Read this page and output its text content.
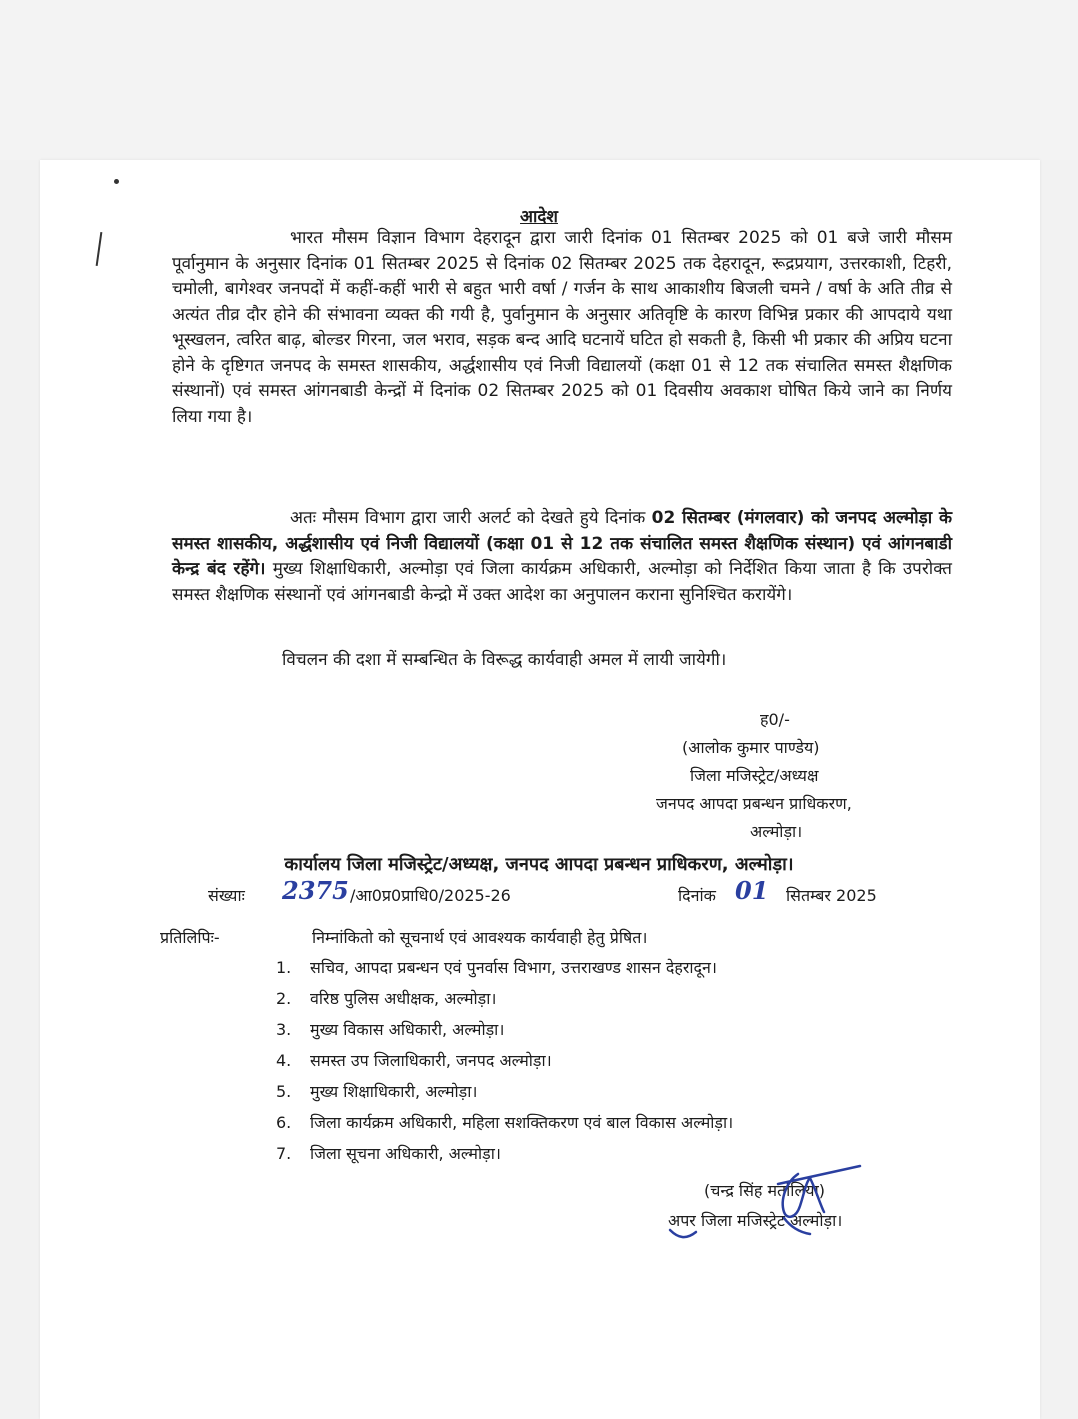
आदेश
भारत मौसम विज्ञान विभाग देहरादून द्वारा जारी दिनांक 01 सितम्बर 2025 को 01 बजे जारी मौसम पूर्वानुमान के अनुसार दिनांक 01 सितम्बर 2025 से दिनांक 02 सितम्बर 2025 तक देहरादून, रूद्रप्रयाग, उत्तरकाशी, टिहरी, चमोली, बागेश्वर जनपदों में कहीं-कहीं भारी से बहुत भारी वर्षा / गर्जन के साथ आकाशीय बिजली चमने / वर्षा के अति तीव्र से अत्यंत तीव्र दौर होने की संभावना व्यक्त की गयी है, पुर्वानुमान के अनुसार अतिवृष्टि के कारण विभिन्न प्रकार की आपदाये यथा भूस्खलन, त्वरित बाढ़, बोल्डर गिरना, जल भराव, सड़क बन्द आदि घटनायें घटित हो सकती है, किसी भी प्रकार की अप्रिय घटना होने के दृष्टिगत जनपद के समस्त शासकीय, अर्द्धशासीय एवं निजी विद्यालयों (कक्षा 01 से 12 तक संचालित समस्त शैक्षणिक संस्थानों) एवं समस्त आंगनबाडी केन्द्रों में दिनांक 02 सितम्बर 2025 को 01 दिवसीय अवकाश घोषित किये जाने का निर्णय लिया गया है।
अतः मौसम विभाग द्वारा जारी अलर्ट को देखते हुये दिनांक 02 सितम्बर (मंगलवार) को जनपद अल्मोड़ा के समस्त शासकीय, अर्द्धशासीय एवं निजी विद्यालयों (कक्षा 01 से 12 तक संचालित समस्त शैक्षणिक संस्थान) एवं आंगनबाडी केन्द्र बंद रहेंगे। मुख्य शिक्षाधिकारी, अल्मोड़ा एवं जिला कार्यक्रम अधिकारी, अल्मोड़ा को निर्देशित किया जाता है कि उपरोक्त समस्त शैक्षणिक संस्थानों एवं आंगनबाडी केन्द्रो में उक्त आदेश का अनुपालन कराना सुनिश्चित करायेंगे।
विचलन की दशा में सम्बन्धित के विरूद्ध कार्यवाही अमल में लायी जायेगी।
ह0/-
(आलोक कुमार पाण्डेय)
जिला मजिस्ट्रेट/अध्यक्ष
जनपद आपदा प्रबन्धन प्राधिकरण,
अल्मोड़ा।
कार्यालय जिला मजिस्ट्रेट/अध्यक्ष, जनपद आपदा प्रबन्धन प्राधिकरण, अल्मोड़ा।
संख्याः 2375 /आ0प्र0प्राधि0/2025-26	दिनांक 01 सितम्बर 2025
प्रतिलिपिः-	निम्नांकितो को सूचनार्थ एवं आवश्यक कार्यवाही हेतु प्रेषित।
1. सचिव, आपदा प्रबन्धन एवं पुनर्वास विभाग, उत्तराखण्ड शासन देहरादून।
2. वरिष्ठ पुलिस अधीक्षक, अल्मोड़ा।
3. मुख्य विकास अधिकारी, अल्मोड़ा।
4. समस्त उप जिलाधिकारी, जनपद अल्मोड़ा।
5. मुख्य शिक्षाधिकारी, अल्मोड़ा।
6. जिला कार्यक्रम अधिकारी, महिला सशक्तिकरण एवं बाल विकास अल्मोड़ा।
7. जिला सूचना अधिकारी, अल्मोड़ा।
(चन्द्र सिंह मर्तोलिया)
अपर जिला मजिस्ट्रेट अल्मोड़ा।
